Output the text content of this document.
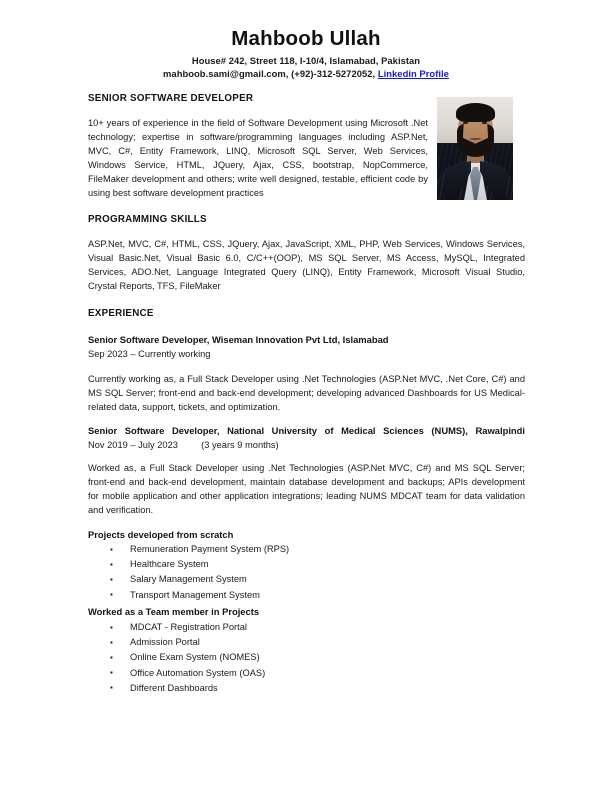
Mahboob Ullah
House# 242, Street 118, I-10/4, Islamabad, Pakistan
mahboob.sami@gmail.com, (+92)-312-5272052, Linkedin Profile
SENIOR SOFTWARE DEVELOPER
10+ years of experience in the field of Software Development using Microsoft .Net technology; expertise in software/programming languages including ASP.Net, MVC, C#, Entity Framework, LINQ, Microsoft SQL Server, Web Services, Windows Service, HTML, JQuery, Ajax, CSS, bootstrap, NopCommerce, FileMaker development and others; write well designed, testable, efficient code by using best software development practices
PROGRAMMING SKILLS
ASP.Net, MVC, C#, HTML, CSS, JQuery, Ajax, JavaScript, XML, PHP, Web Services, Windows Services, Visual Basic.Net, Visual Basic 6.0, C/C++(OOP), MS SQL Server, MS Access, MySQL, Integrated Services, ADO.Net, Language Integrated Query (LINQ), Entity Framework, Microsoft Visual Studio, Crystal Reports, TFS, FileMaker
EXPERIENCE
Senior Software Developer, Wiseman Innovation Pvt Ltd, Islamabad
Sep 2023 – Currently working
Currently working as, a Full Stack Developer using .Net Technologies (ASP.Net MVC, .Net Core, C#) and MS SQL Server; front-end and back-end development; developing advanced Dashboards for US Medical-related data, support, tickets, and optimization.
Senior Software Developer, National University of Medical Sciences (NUMS), Rawalpindi
Nov 2019 – July 2023 (3 years 9 months)
Worked as, a Full Stack Developer using .Net Technologies (ASP.Net MVC, C#) and MS SQL Server; front-end and back-end development, maintain database development and backups; APIs development for mobile application and other application integrations; leading NUMS MDCAT team for data validation and verification.
Projects developed from scratch
▪ Remuneration Payment System (RPS)
▪ Healthcare System
▪ Salary Management System
▪ Transport Management System
Worked as a Team member in Projects
▪ MDCAT - Registration Portal
▪ Admission Portal
▪ Online Exam System (NOMES)
▪ Office Automation System (OAS)
▪ Different Dashboards
